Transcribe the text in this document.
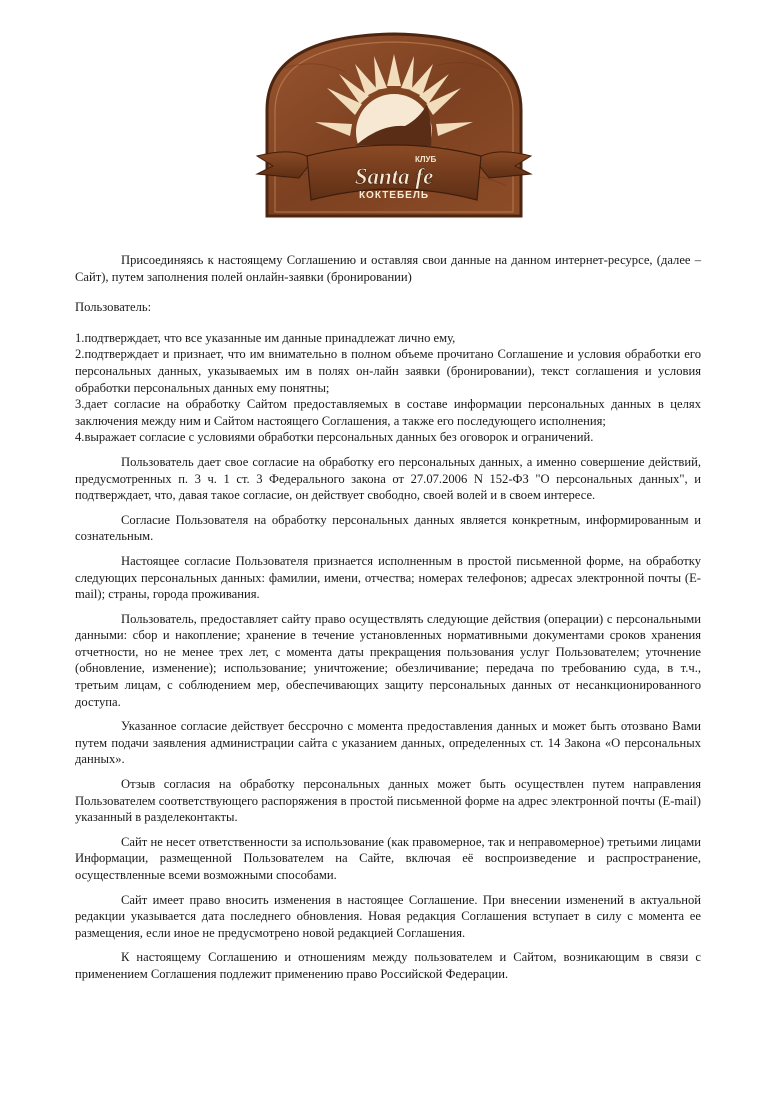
КЛУБ
Santa fe
КОКТЕБЕЛЬ

Присоединяясь к настоящему Соглашению и оставляя свои данные на данном интернет-ресурсе, (далее – Сайт), путем заполнения полей онлайн-заявки (бронировании)

Пользователь:

1.подтверждает, что все указанные им данные принадлежат лично ему,
2.подтверждает и признает, что им внимательно в полном объеме прочитано Соглашение и условия обработки его персональных данных, указываемых им в полях он-лайн заявки (бронировании), текст соглашения и условия обработки персональных данных ему понятны;
3.дает согласие на обработку Сайтом предоставляемых в составе информации персональных данных в целях заключения между ним и Сайтом настоящего Соглашения, а также его последующего исполнения;
4.выражает согласие с условиями обработки персональных данных без оговорок и ограничений.

Пользователь дает свое согласие на обработку его персональных данных, а именно совершение действий, предусмотренных п. 3 ч. 1 ст. 3 Федерального закона от 27.07.2006 N 152-ФЗ "О персональных данных", и подтверждает, что, давая такое согласие, он действует свободно, своей волей и в своем интересе.

Согласие Пользователя на обработку персональных данных является конкретным, информированным и сознательным.

Настоящее согласие Пользователя признается исполненным в простой письменной форме, на обработку следующих персональных данных: фамилии, имени, отчества; номерах телефонов; адресах электронной почты (E-mail); страны, города проживания.

Пользователь, предоставляет сайту право осуществлять следующие действия (операции) с персональными данными: сбор и накопление; хранение в течение установленных нормативными документами сроков хранения отчетности, но не менее трех лет, с момента даты прекращения пользования услуг Пользователем; уточнение (обновление, изменение); использование; уничтожение; обезличивание; передача по требованию суда, в т.ч., третьим лицам, с соблюдением мер, обеспечивающих защиту персональных данных от несанкционированного доступа.

Указанное согласие действует бессрочно с момента предоставления данных и может быть отозвано Вами путем подачи заявления администрации сайта с указанием данных, определенных ст. 14 Закона «О персональных данных».

Отзыв согласия на обработку персональных данных может быть осуществлен путем направления Пользователем соответствующего распоряжения в простой письменной форме на адрес электронной почты (E-mail) указанный в разделеконтакты.

Сайт не несет ответственности за использование (как правомерное, так и неправомерное) третьими лицами Информации, размещенной Пользователем на Сайте, включая её воспроизведение и распространение, осуществленные всеми возможными способами.

Сайт имеет право вносить изменения в настоящее Соглашение. При внесении изменений в актуальной редакции указывается дата последнего обновления. Новая редакция Соглашения вступает в силу с момента ее размещения, если иное не предусмотрено новой редакцией Соглашения.

К настоящему Соглашению и отношениям между пользователем и Сайтом, возникающим в связи с применением Соглашения подлежит применению право Российской Федерации.
